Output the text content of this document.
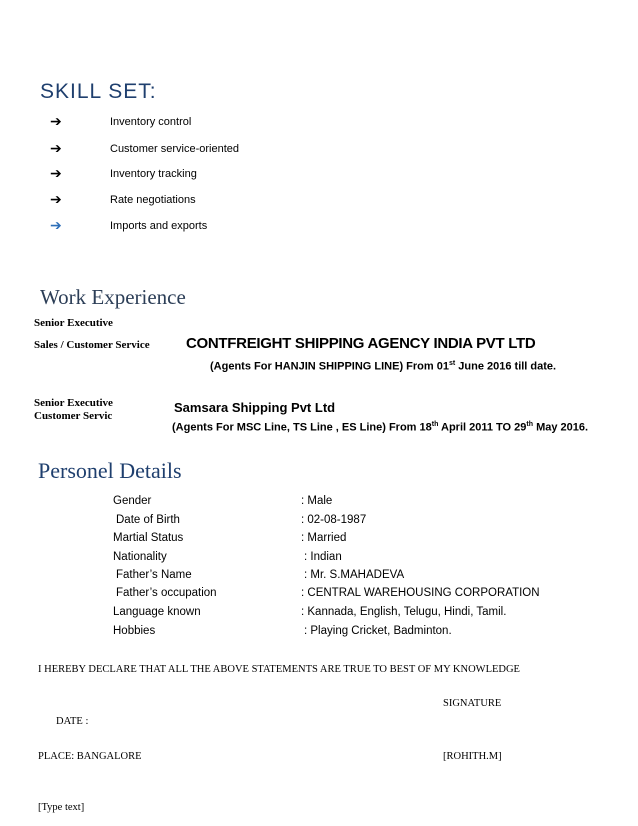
SKILL SET:
➔	Inventory control
➔	Customer service-oriented
➔	Inventory tracking
➔	Rate negotiations
➔	Imports and exports
Work Experience
Senior Executive
Sales / Customer Service CONTFREIGHT SHIPPING AGENCY INDIA PVT LTD
(Agents For HANJIN SHIPPING LINE) From 01st June 2016 till date.
Senior Executive
Customer Servic
Samsara Shipping Pvt Ltd
(Agents For MSC Line, TS Line , ES Line) From 18th April 2011 TO 29th May 2016.
Personel Details
Gender	: Male
Date of Birth	: 02-08-1987
Martial Status	: Married
Nationality	: Indian
Father’s Name	: Mr. S.MAHADEVA
Father’s occupation	: CENTRAL WAREHOUSING CORPORATION
Language known	: Kannada, English, Telugu, Hindi, Tamil.
Hobbies	: Playing Cricket, Badminton.
I HEREBY DECLARE THAT ALL THE ABOVE STATEMENTS ARE TRUE TO BEST OF MY KNOWLEDGE
SIGNATURE
DATE :
PLACE: BANGALORE	[ROHITH.M]
[Type text]
